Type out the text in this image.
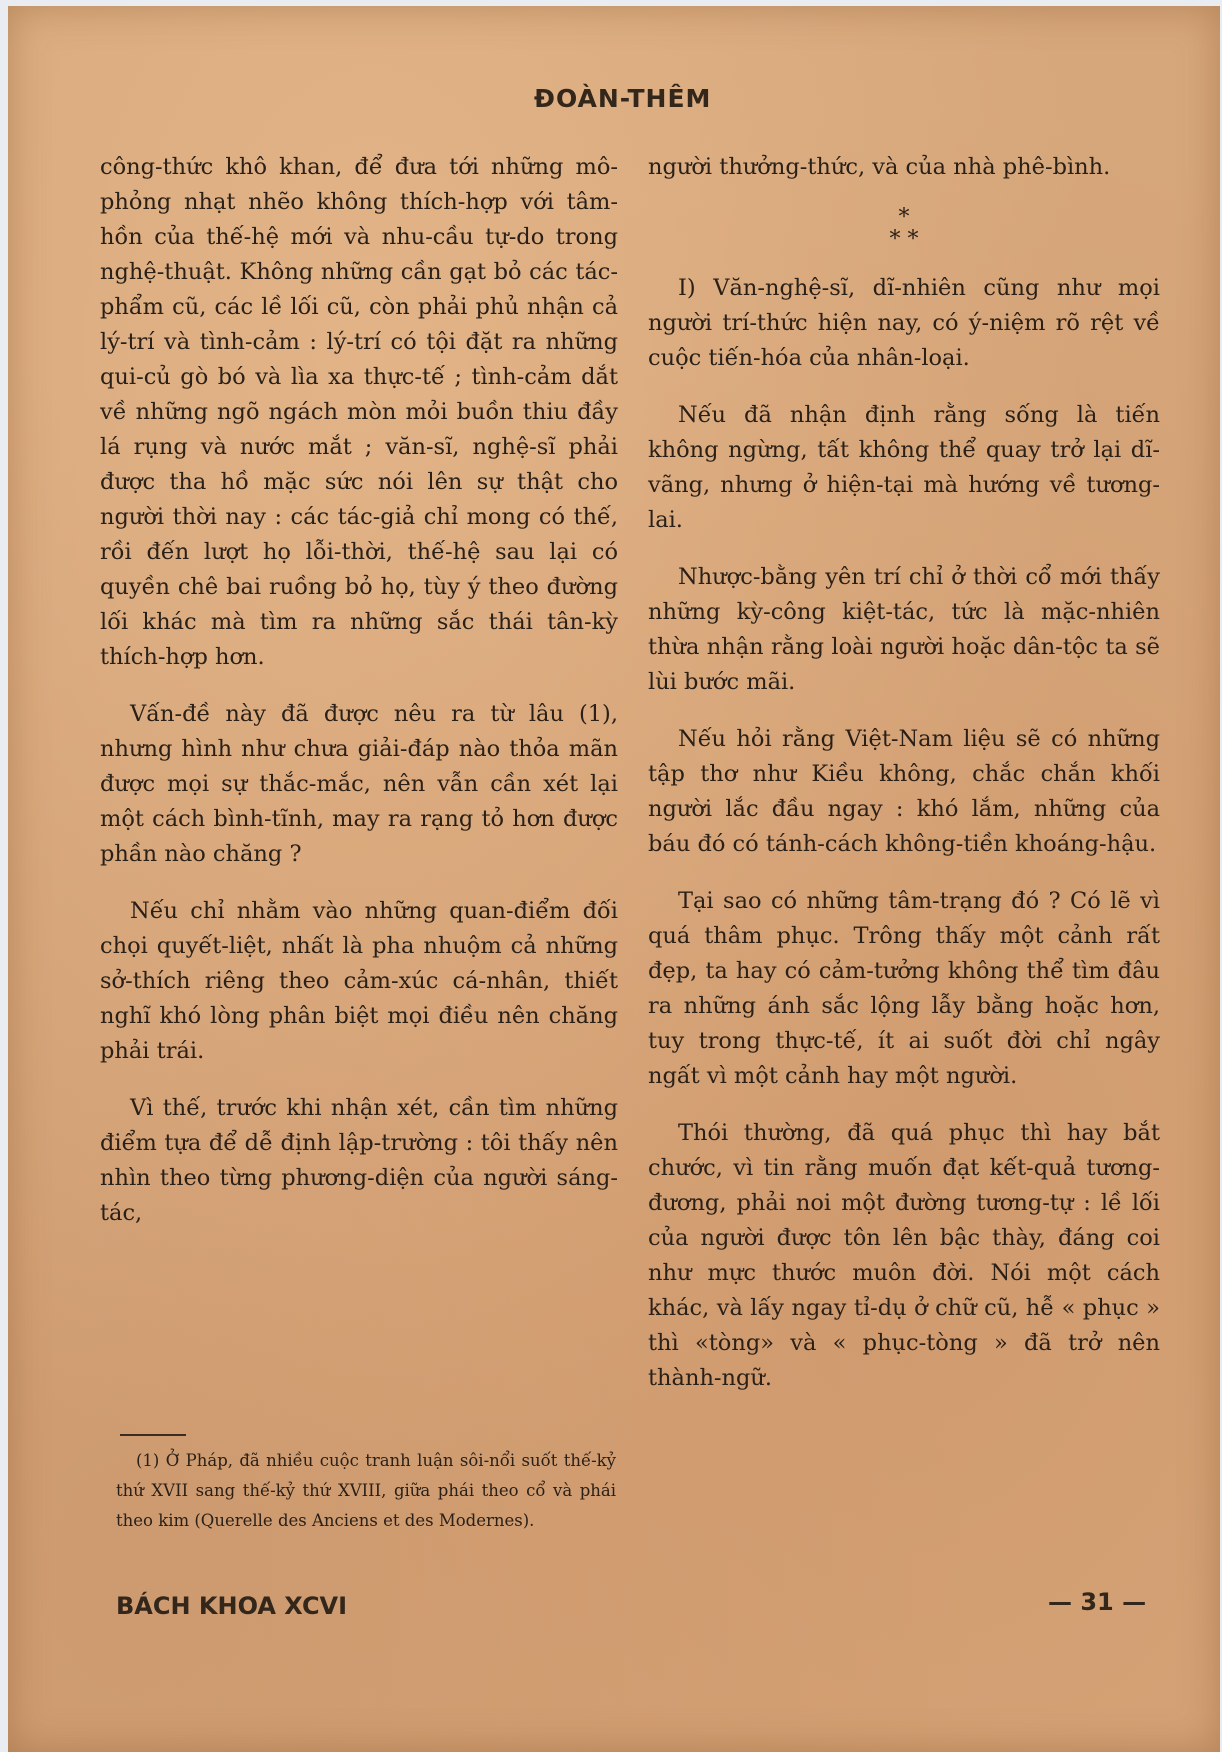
ĐOÀN-THÊM

công-thức khô khan, để đưa tới những mô-phỏng nhạt nhẽo không thích-hợp với tâm-hồn của thế-hệ mới và nhu-cầu tự-do trong nghệ-thuật. Không những cần gạt bỏ các tác-phẩm cũ, các lề lối cũ, còn phải phủ nhận cả lý-trí và tình-cảm : lý-trí có tội đặt ra những qui-củ gò bó và lìa xa thực-tế ; tình-cảm dắt về những ngõ ngách mòn mỏi buồn thiu đầy lá rụng và nước mắt ; văn-sĩ, nghệ-sĩ phải được tha hồ mặc sức nói lên sự thật cho người thời nay : các tác-giả chỉ mong có thế, rồi đến lượt họ lỗi-thời, thế-hệ sau lại có quyền chê bai ruồng bỏ họ, tùy ý theo đường lối khác mà tìm ra những sắc thái tân-kỳ thích-hợp hơn.

Vấn-đề này đã được nêu ra từ lâu (1), nhưng hình như chưa giải-đáp nào thỏa mãn được mọi sự thắc-mắc, nên vẫn cần xét lại một cách bình-tĩnh, may ra rạng tỏ hơn được phần nào chăng ?

Nếu chỉ nhằm vào những quan-điểm đối chọi quyết-liệt, nhất là pha nhuộm cả những sở-thích riêng theo cảm-xúc cá-nhân, thiết nghĩ khó lòng phân biệt mọi điều nên chăng phải trái.

Vì thế, trước khi nhận xét, cần tìm những điểm tựa để dễ định lập-trường : tôi thấy nên nhìn theo từng phương-diện của người sáng-tác,

người thưởng-thức, và của nhà phê-bình.

*
* *

I) Văn-nghệ-sĩ, dĩ-nhiên cũng như mọi người trí-thức hiện nay, có ý-niệm rõ rệt về cuộc tiến-hóa của nhân-loại.

Nếu đã nhận định rằng sống là tiến không ngừng, tất không thể quay trở lại dĩ-vãng, nhưng ở hiện-tại mà hướng về tương-lai.

Nhược-bằng yên trí chỉ ở thời cổ mới thấy những kỳ-công kiệt-tác, tức là mặc-nhiên thừa nhận rằng loài người hoặc dân-tộc ta sẽ lùi bước mãi.

Nếu hỏi rằng Việt-Nam liệu sẽ có những tập thơ như Kiều không, chắc chắn khối người lắc đầu ngay : khó lắm, những của báu đó có tánh-cách không-tiền khoáng-hậu.

Tại sao có những tâm-trạng đó ? Có lẽ vì quá thâm phục. Trông thấy một cảnh rất đẹp, ta hay có cảm-tưởng không thể tìm đâu ra những ánh sắc lộng lẫy bằng hoặc hơn, tuy trong thực-tế, ít ai suốt đời chỉ ngây ngất vì một cảnh hay một người.

Thói thường, đã quá phục thì hay bắt chước, vì tin rằng muốn đạt kết-quả tương-đương, phải noi một đường tương-tự : lề lối của người được tôn lên bậc thày, đáng coi như mực thước muôn đời. Nói một cách khác, và lấy ngay tỉ-dụ ở chữ cũ, hễ « phục » thì «tòng» và « phục-tòng » đã trở nên thành-ngữ.

(1) Ở Pháp, đã nhiều cuộc tranh luận sôi-nổi suốt thế-kỷ thứ XVII sang thế-kỷ thứ XVIII, giữa phái theo cổ và phái theo kim (Querelle des Anciens et des Modernes).
BÁCH KHOA XCVI	— 31 —
